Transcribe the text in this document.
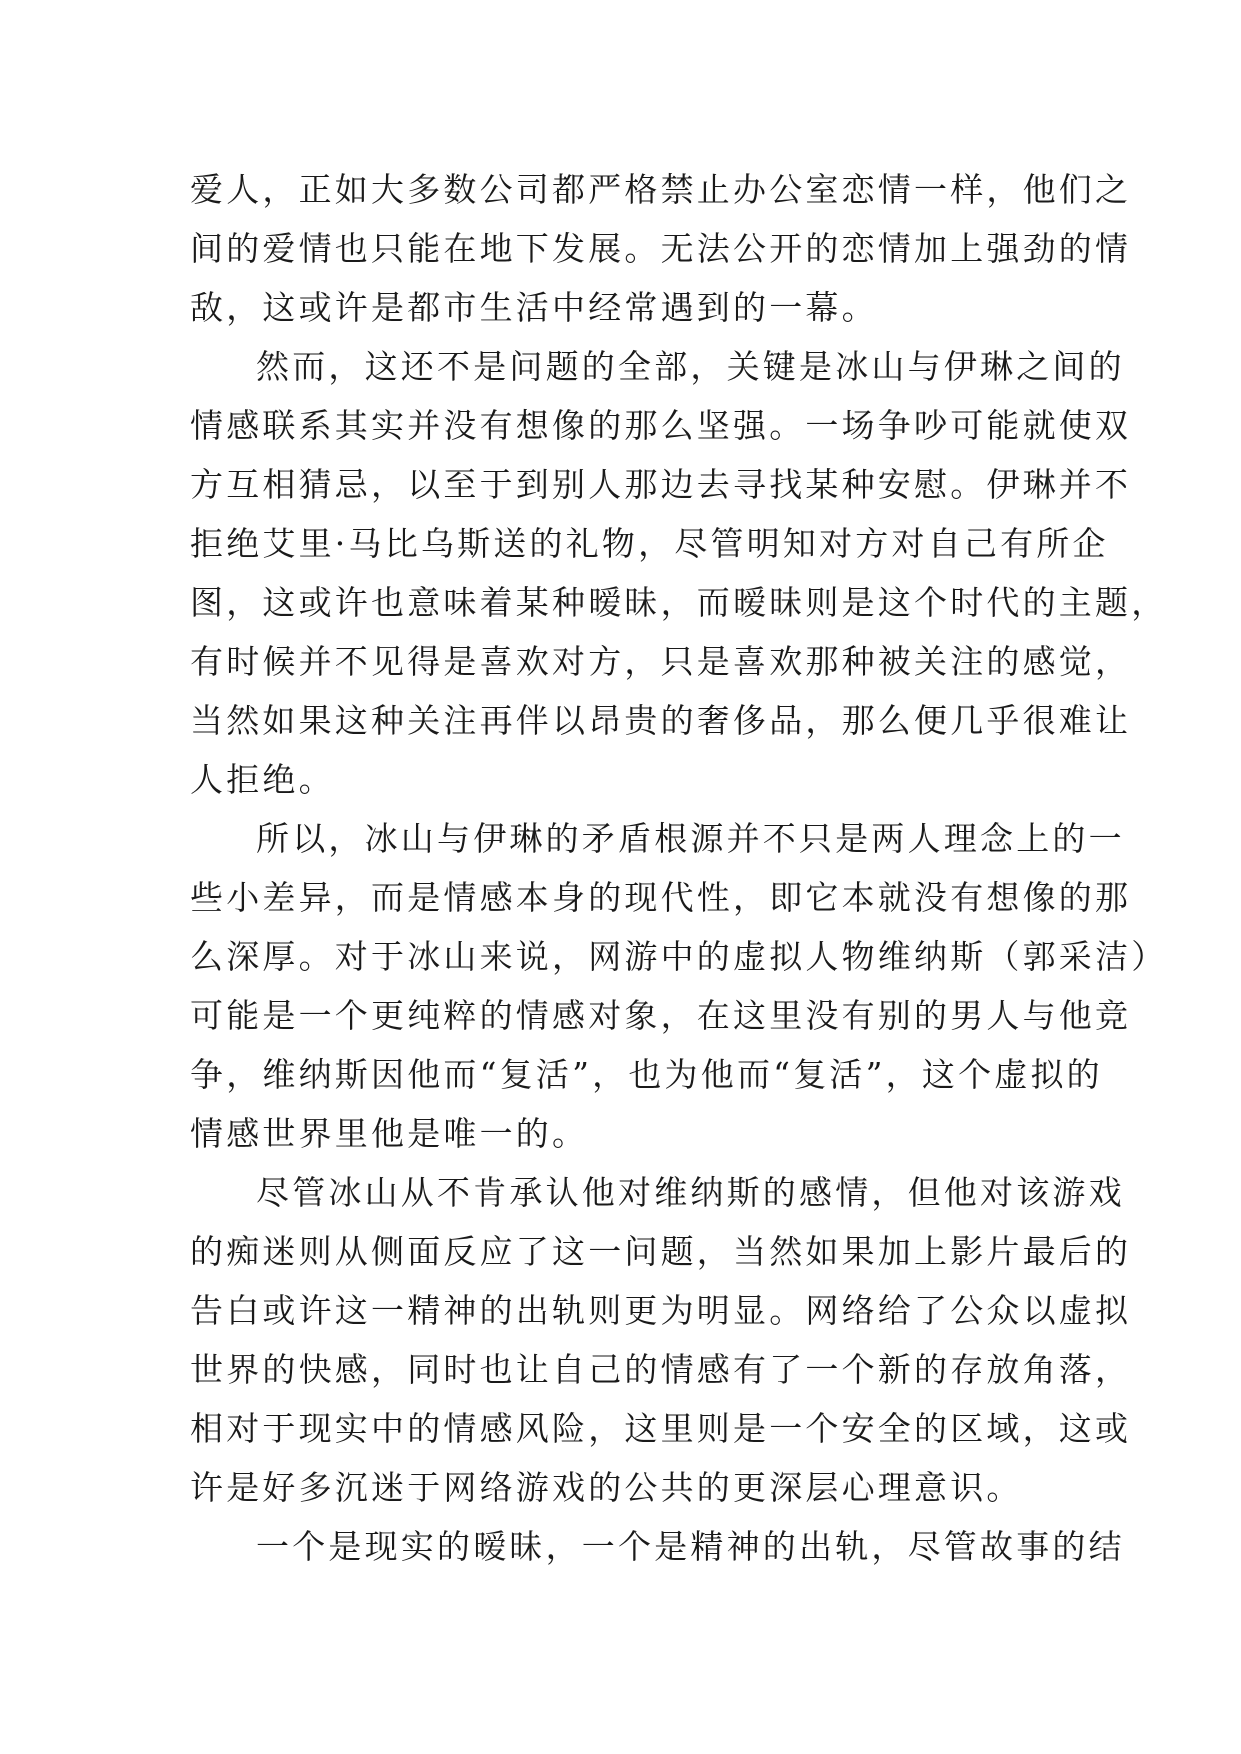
爱人，正如大多数公司都严格禁止办公室恋情一样，他们之
间的爱情也只能在地下发展。无法公开的恋情加上强劲的情
敌，这或许是都市生活中经常遇到的一幕。
然而，这还不是问题的全部，关键是冰山与伊琳之间的
情感联系其实并没有想像的那么坚强。一场争吵可能就使双
方互相猜忌，以至于到别人那边去寻找某种安慰。伊琳并不
拒绝艾里·马比乌斯送的礼物，尽管明知对方对自己有所企
图，这或许也意味着某种暧昧，而暧昧则是这个时代的主题，
有时候并不见得是喜欢对方，只是喜欢那种被关注的感觉，
当然如果这种关注再伴以昂贵的奢侈品，那么便几乎很难让
人拒绝。
所以，冰山与伊琳的矛盾根源并不只是两人理念上的一
些小差异，而是情感本身的现代性，即它本就没有想像的那
么深厚。对于冰山来说，网游中的虚拟人物维纳斯（郭采洁）
可能是一个更纯粹的情感对象，在这里没有别的男人与他竞
争，维纳斯因他而“复活”，也为他而“复活”，这个虚拟的
情感世界里他是唯一的。
尽管冰山从不肯承认他对维纳斯的感情，但他对该游戏
的痴迷则从侧面反应了这一问题，当然如果加上影片最后的
告白或许这一精神的出轨则更为明显。网络给了公众以虚拟
世界的快感，同时也让自己的情感有了一个新的存放角落，
相对于现实中的情感风险，这里则是一个安全的区域，这或
许是好多沉迷于网络游戏的公共的更深层心理意识。
一个是现实的暧昧，一个是精神的出轨，尽管故事的结
